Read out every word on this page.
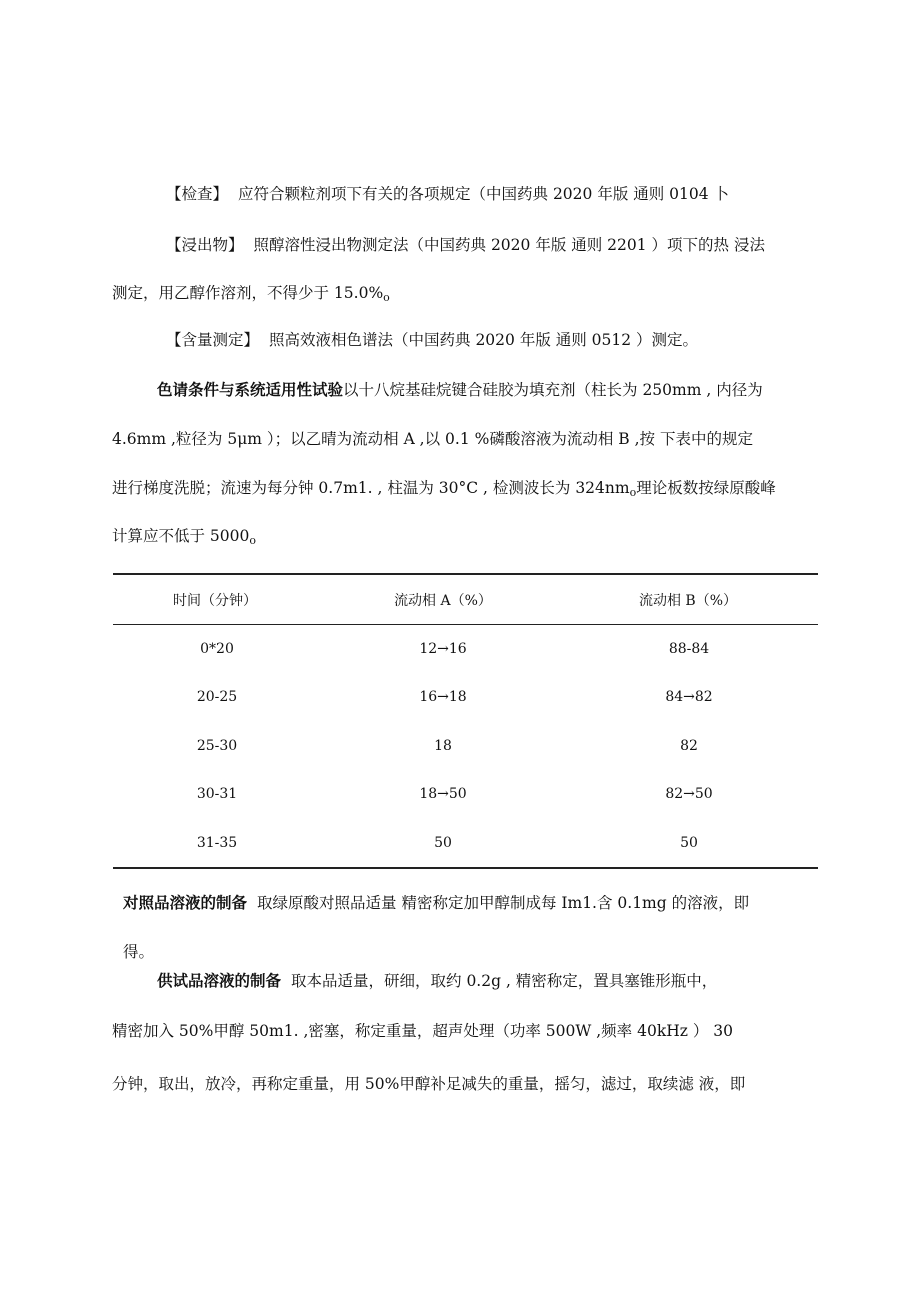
【检查】 应符合颗粒剂项下有关的各项规定（中国药典 2020 年版 通则 0104 卜
【浸出物】 照醇溶性浸出物测定法（中国药典 2020 年版 通则 2201 ）项下的热 浸法
测定，用乙醇作溶剂，不得少于 $15.0\%_o$
【含量测定】 照高效液相色谱法（中国药典 2020 年版 通则 0512 ）测定。
色请条件与系统适用性试验以十八烷基硅烷键合硅胶为填充剂（柱长为 250mm , 内径为
4.6mm ,粒径为 5μm ）；以乙晴为流动相 A ,以 0.1 %磷酸溶液为流动相 B ,按 下表中的规定
进行梯度洗脱；流速为每分钟 0.7m1. , 柱温为 30°C , 检测波长为 $324nm_o$理论板数按绿原酸峰
计算应不低于 $5000_o$
时间（分钟）	流动相 A（%）	流动相 B（%）
0*20	12→16	88-84
20-25	16→18	84→82
25-30	18	82
30-31	18→50	82→50
31-35	50	50
对照品溶液的制备 取绿原酸对照品适量 精密称定加甲醇制成每 Im1.含 0.1mg 的溶液，即
得。
供试品溶液的制备 取本品适量，研细，取约 0.2g , 精密称定，置具塞锥形瓶中，
精密加入 50%甲醇 50m1. ,密塞，称定重量，超声处理（功率 500W ,频率 40kHz ） 30
分钟，取出，放冷，再称定重量，用 50%甲醇补足减失的重量，摇匀，滤过，取续滤 液，即
